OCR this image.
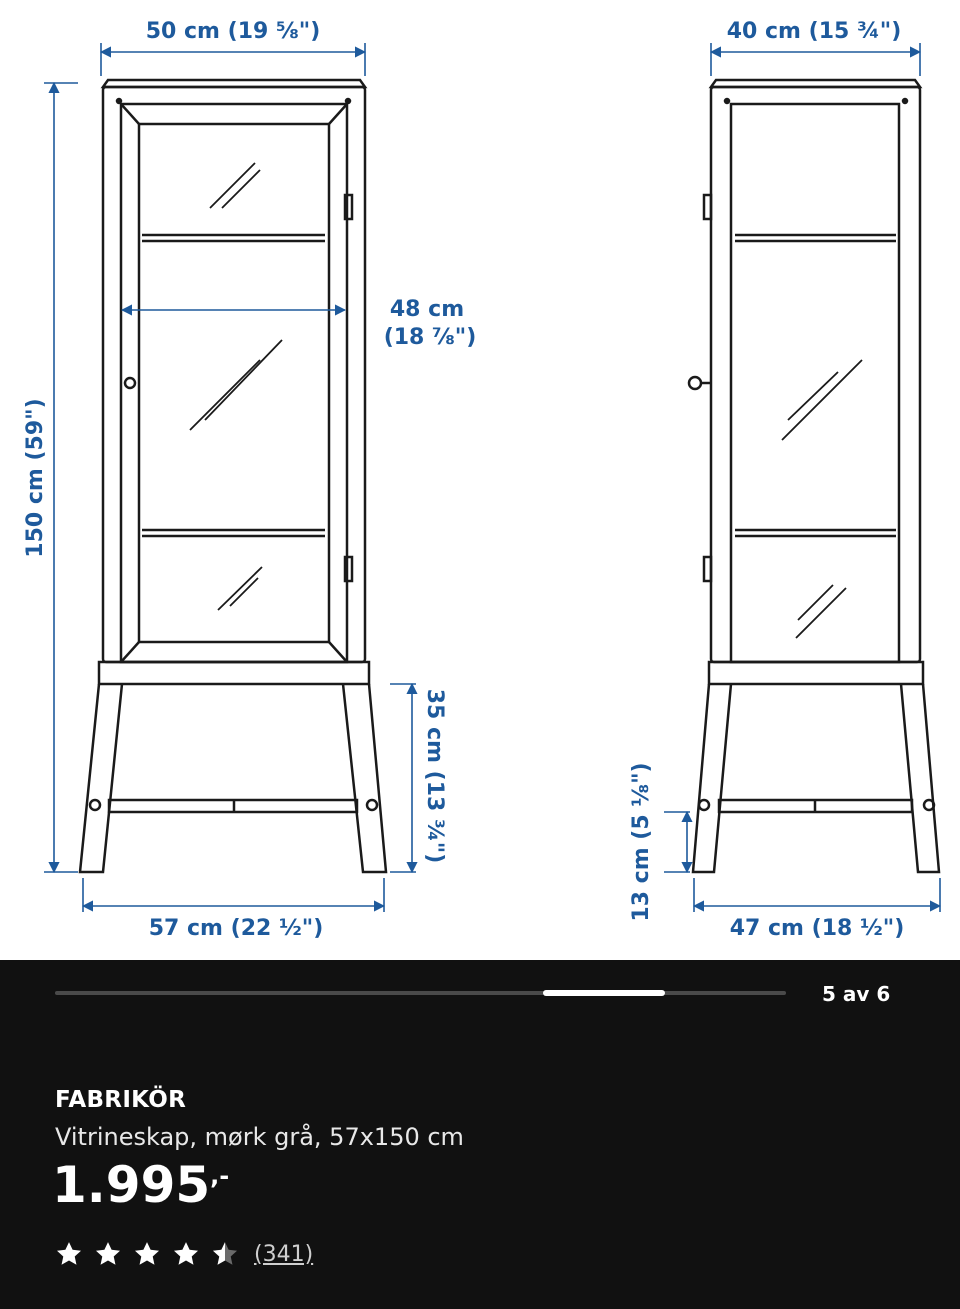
50 cm (19 ⅝")
150 cm (59")
48 cm
(18 ⅞")
35 cm (13 ¾")
57 cm (22 ½")
40 cm (15 ¾")
13 cm (5 ⅛")
47 cm (18 ½")
5 av 6
FABRIKÖR
Vitrineskap, mørk grå, 57x150 cm
1.995,-
(341)
